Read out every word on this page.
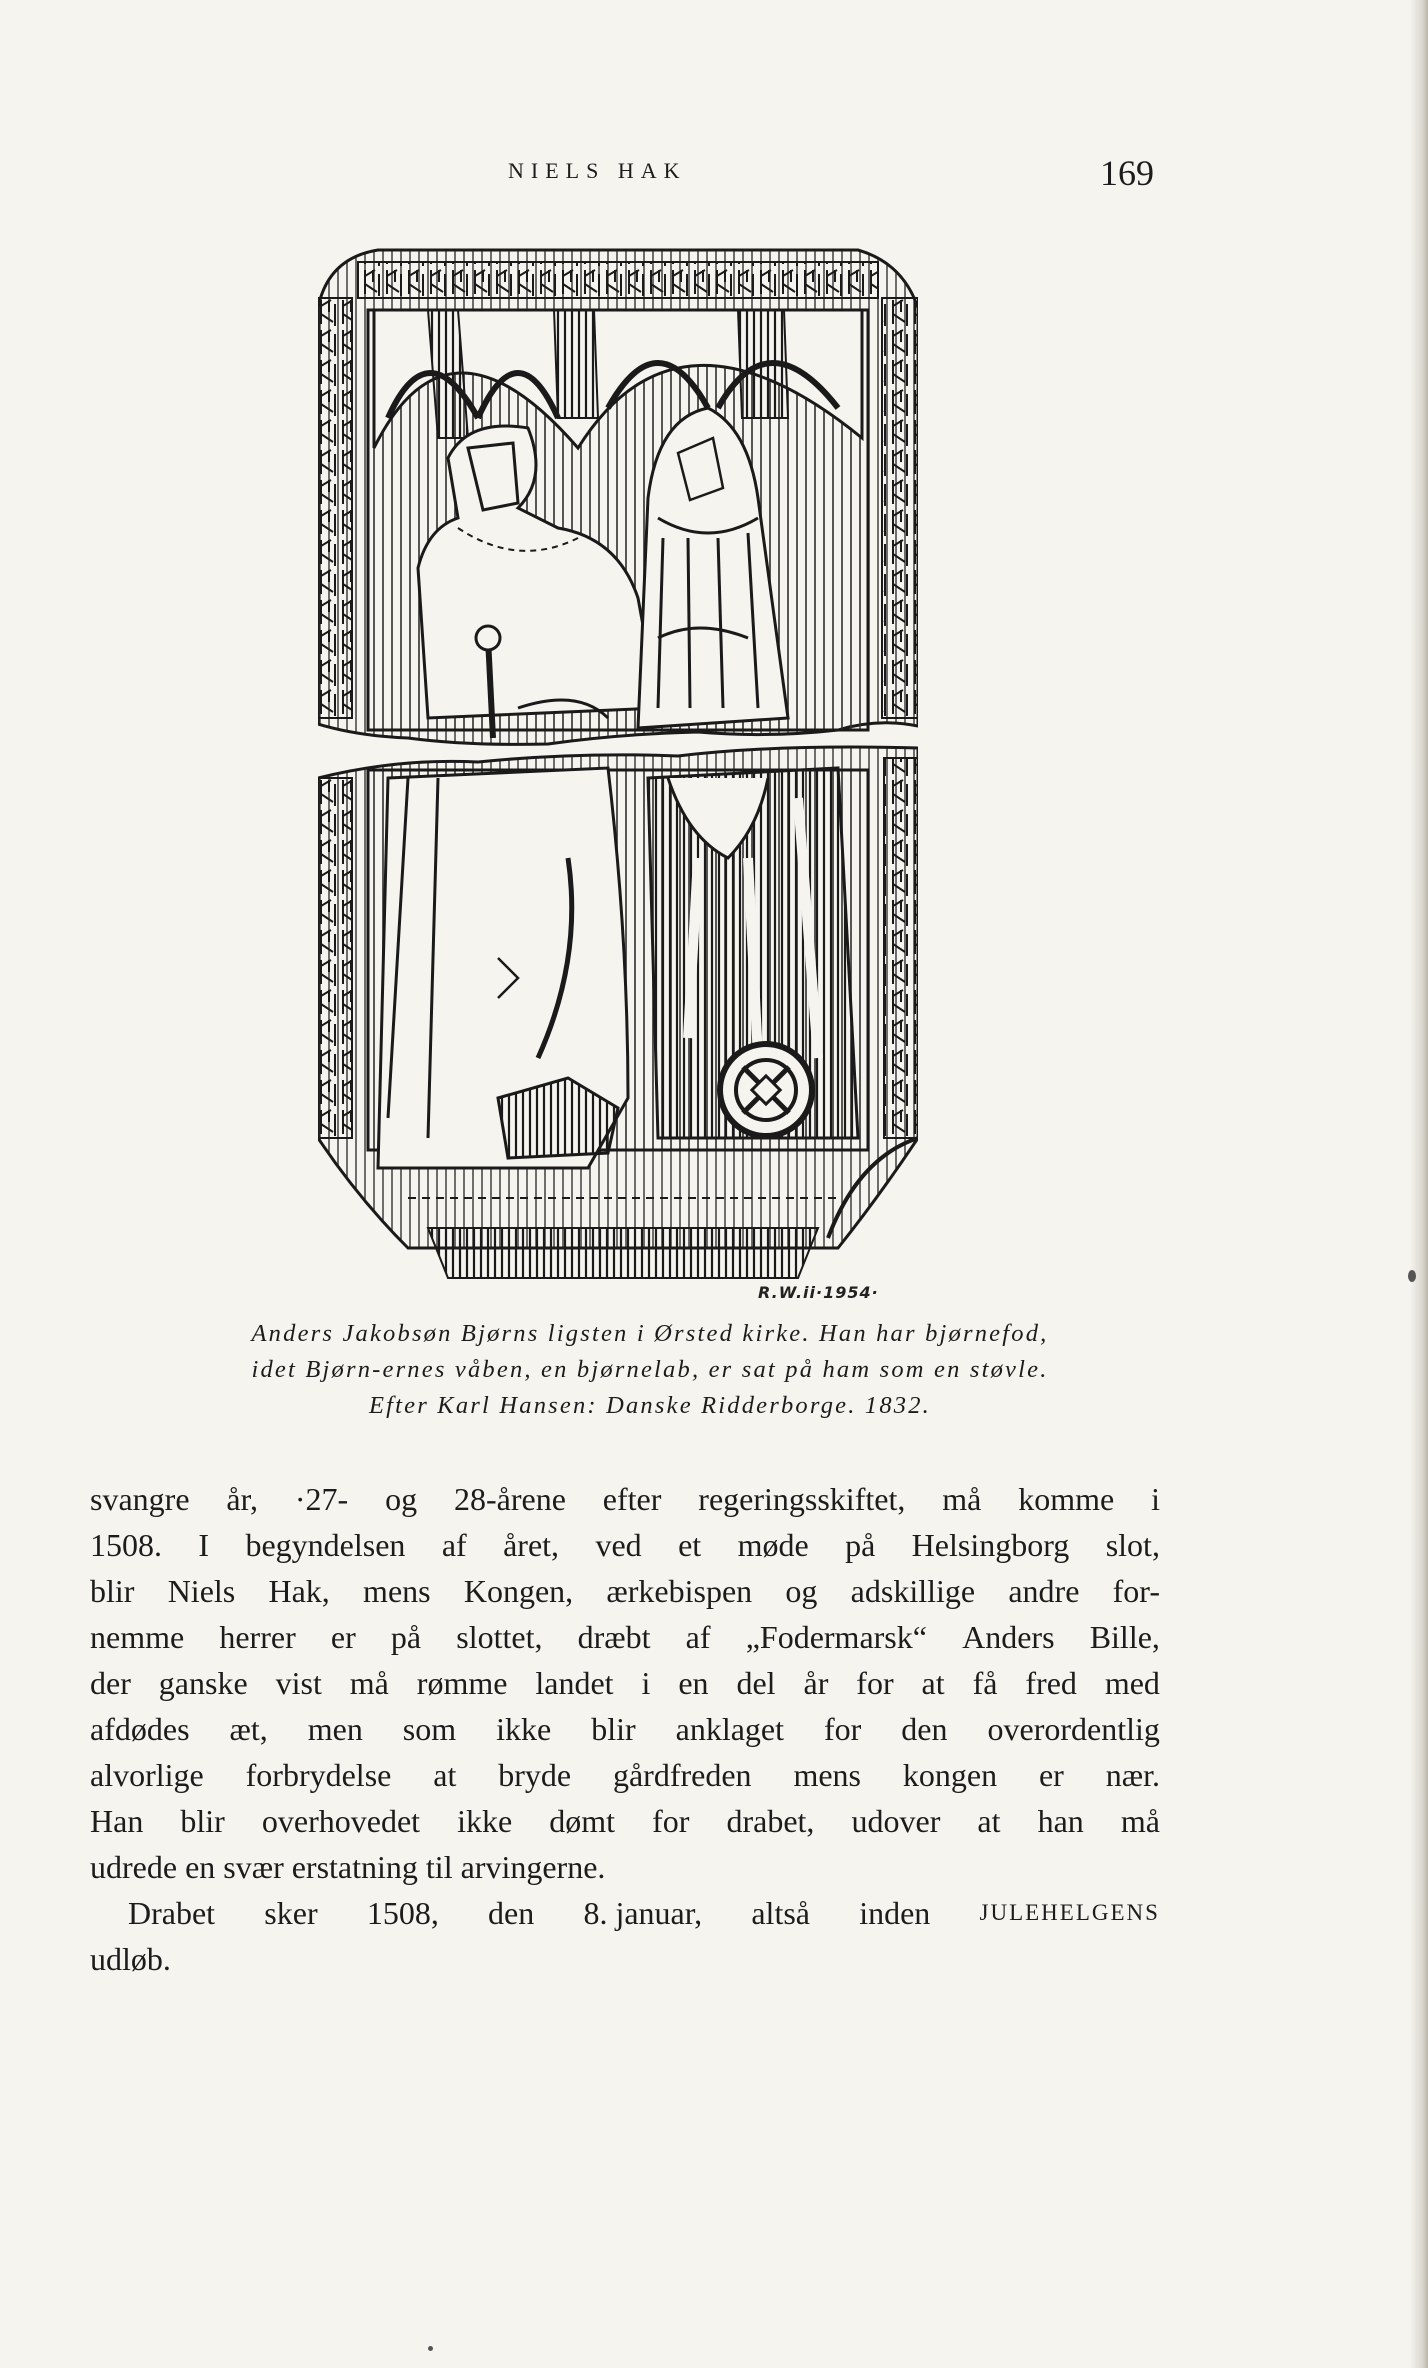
NIELS HAK	169
R.W.ii·1954·
Anders Jakobsøn Bjørns ligsten i Ørsted kirke. Han har bjørnefod,
idet Bjørn-ernes våben, en bjørnelab, er sat på ham som en støvle.
Efter Karl Hansen: Danske Ridderborge. 1832.
svangre år, ·27- og 28-årene efter regeringsskiftet, må komme i
1508. I begyndelsen af året, ved et møde på Helsingborg slot,
blir Niels Hak, mens Kongen, ærkebispen og adskillige andre for-
nemme herrer er på slottet, dræbt af „Fodermarsk“ Anders Bille,
der ganske vist må rømme landet i en del år for at få fred med
afdødes æt, men som ikke blir anklaget for den overordentlig
alvorlige forbrydelse at bryde gårdfreden mens kongen er nær.
Han blir overhovedet ikke dømt for drabet, udover at han må
udrede en svær erstatning til arvingerne.
Drabet sker 1508, den 8. januar, altså inden JULEHELGENS
udløb.
